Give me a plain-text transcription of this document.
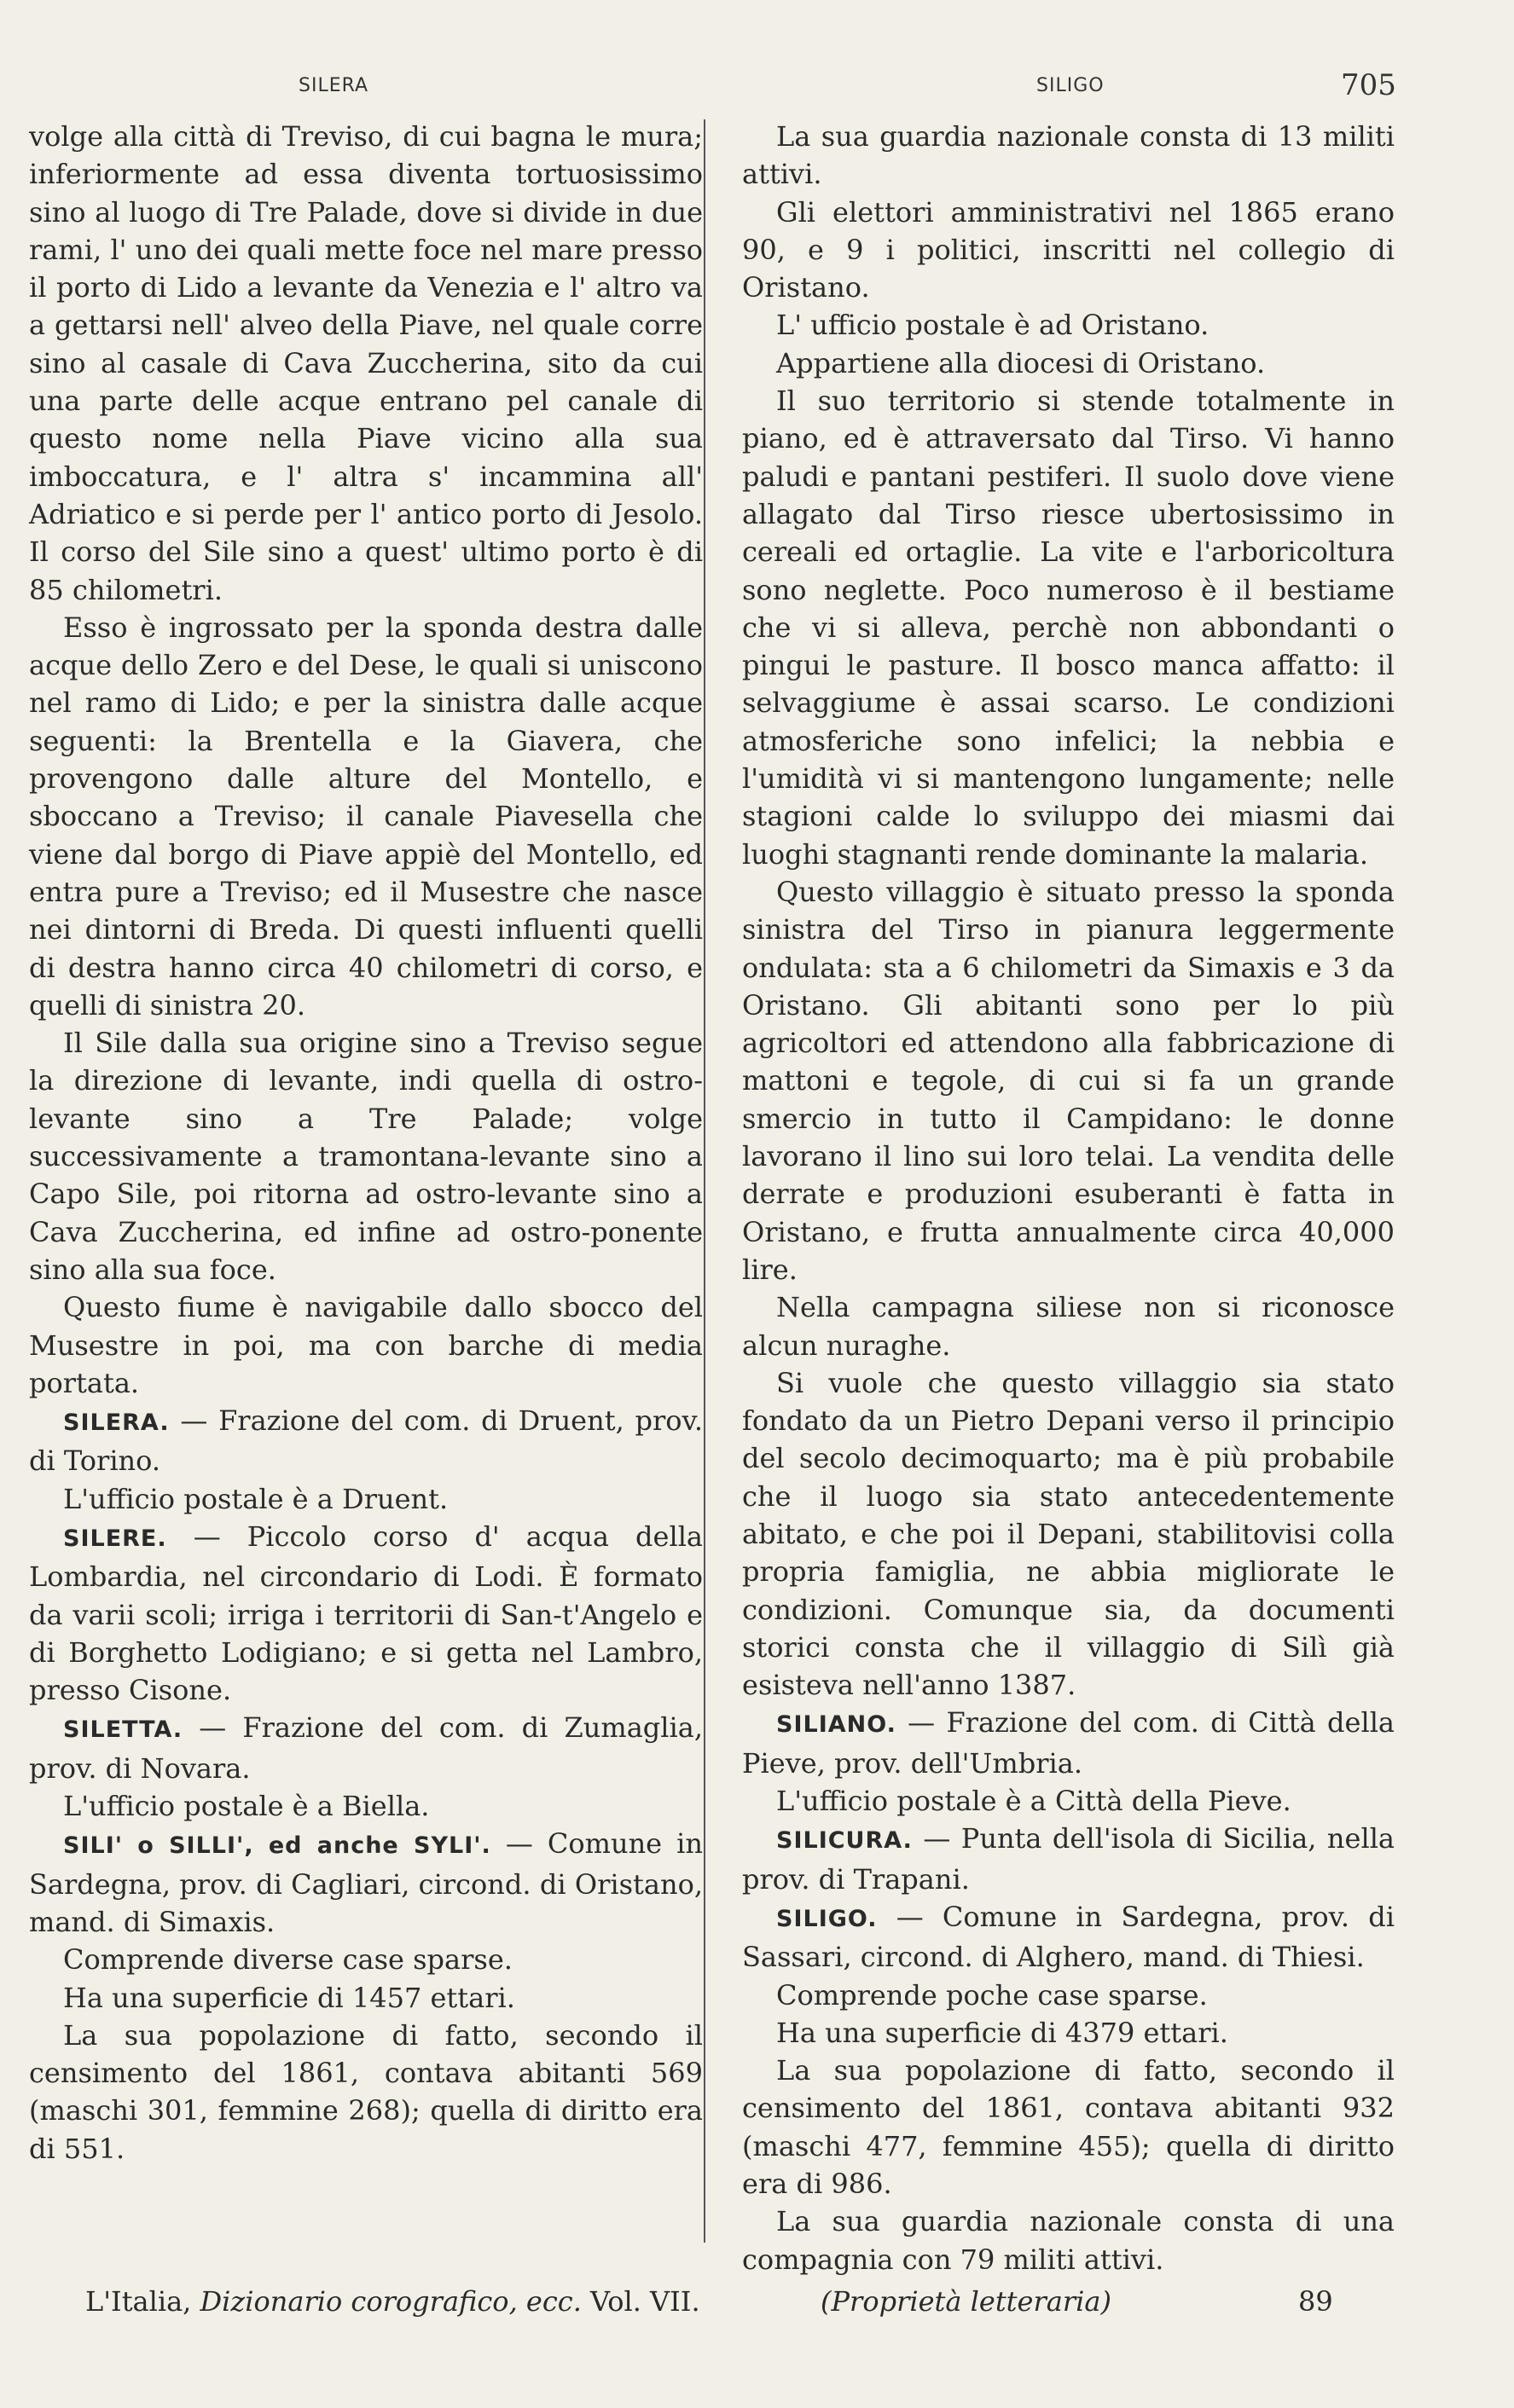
SILERA	SILIGO	705

volge alla città di Treviso, di cui bagna le mura; inferiormente ad essa diventa tortuosissimo sino al luogo di Tre Palade, dove si divide in due rami, l' uno dei quali mette foce nel mare presso il porto di Lido a levante da Venezia e l' altro va a gettarsi nell' alveo della Piave, nel quale corre sino al casale di Cava Zuccherina, sito da cui una parte delle acque entrano pel canale di questo nome nella Piave vicino alla sua imboccatura, e l' altra s' incammina all' Adriatico e si perde per l' antico porto di Jesolo. Il corso del Sile sino a quest' ultimo porto è di 85 chilometri.

Esso è ingrossato per la sponda destra dalle acque dello Zero e del Dese, le quali si uniscono nel ramo di Lido; e per la sinistra dalle acque seguenti: la Brentella e la Giavera, che provengono dalle alture del Montello, e sboccano a Treviso; il canale Piavesella che viene dal borgo di Piave appiè del Montello, ed entra pure a Treviso; ed il Musestre che nasce nei dintorni di Breda. Di questi influenti quelli di destra hanno circa 40 chilometri di corso, e quelli di sinistra 20.

Il Sile dalla sua origine sino a Treviso segue la direzione di levante, indi quella di ostro-levante sino a Tre Palade; volge successivamente a tramontana-levante sino a Capo Sile, poi ritorna ad ostro-levante sino a Cava Zuccherina, ed infine ad ostro-ponente sino alla sua foce.

Questo fiume è navigabile dallo sbocco del Musestre in poi, ma con barche di media portata.

SILERA. — Frazione del com. di Druent, prov. di Torino.

L'ufficio postale è a Druent.

SILERE. — Piccolo corso d' acqua della Lombardia, nel circondario di Lodi. È formato da varii scoli; irriga i territorii di San-t'Angelo e di Borghetto Lodigiano; e si getta nel Lambro, presso Cisone.

SILETTA. — Frazione del com. di Zumaglia, prov. di Novara.

L'ufficio postale è a Biella.

SILI' o SILLI', ed anche SYLI'. — Comune in Sardegna, prov. di Cagliari, circond. di Oristano, mand. di Simaxis.

Comprende diverse case sparse.

Ha una superficie di 1457 ettari.

La sua popolazione di fatto, secondo il censimento del 1861, contava abitanti 569 (maschi 301, femmine 268); quella di diritto era di 551.

La sua guardia nazionale consta di 13 militi attivi.

Gli elettori amministrativi nel 1865 erano 90, e 9 i politici, inscritti nel collegio di Oristano.

L' ufficio postale è ad Oristano.

Appartiene alla diocesi di Oristano.

Il suo territorio si stende totalmente in piano, ed è attraversato dal Tirso. Vi hanno paludi e pantani pestiferi. Il suolo dove viene allagato dal Tirso riesce ubertosissimo in cereali ed ortaglie. La vite e l'arboricoltura sono neglette. Poco numeroso è il bestiame che vi si alleva, perchè non abbondanti o pingui le pasture. Il bosco manca affatto: il selvaggiume è assai scarso. Le condizioni atmosferiche sono infelici; la nebbia e l'umidità vi si mantengono lungamente; nelle stagioni calde lo sviluppo dei miasmi dai luoghi stagnanti rende dominante la malaria.

Questo villaggio è situato presso la sponda sinistra del Tirso in pianura leggermente ondulata: sta a 6 chilometri da Simaxis e 3 da Oristano. Gli abitanti sono per lo più agricoltori ed attendono alla fabbricazione di mattoni e tegole, di cui si fa un grande smercio in tutto il Campidano: le donne lavorano il lino sui loro telai. La vendita delle derrate e produzioni esuberanti è fatta in Oristano, e frutta annualmente circa 40,000 lire.

Nella campagna siliese non si riconosce alcun nuraghe.

Si vuole che questo villaggio sia stato fondato da un Pietro Depani verso il principio del secolo decimoquarto; ma è più probabile che il luogo sia stato antecedentemente abitato, e che poi il Depani, stabilitovisi colla propria famiglia, ne abbia migliorate le condizioni. Comunque sia, da documenti storici consta che il villaggio di Silì già esisteva nell'anno 1387.

SILIANO. — Frazione del com. di Città della Pieve, prov. dell'Umbria.

L'ufficio postale è a Città della Pieve.

SILICURA. — Punta dell'isola di Sicilia, nella prov. di Trapani.

SILIGO. — Comune in Sardegna, prov. di Sassari, circond. di Alghero, mand. di Thiesi.

Comprende poche case sparse.

Ha una superficie di 4379 ettari.

La sua popolazione di fatto, secondo il censimento del 1861, contava abitanti 932 (maschi 477, femmine 455); quella di diritto era di 986.

La sua guardia nazionale consta di una compagnia con 79 militi attivi.

L'Italia, Dizionario corografico, ecc. Vol. VII.	(Proprietà letteraria)	89
